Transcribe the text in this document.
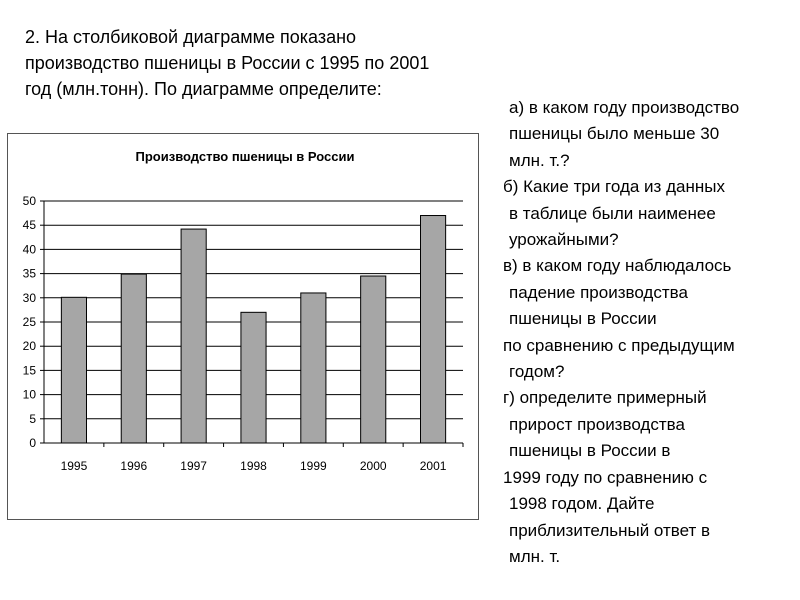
2. На столбиковой диаграмме показано
производство пшеницы в России с 1995 по 2001
год (млн.тонн). По диаграмме определите:
Производство пшеницы в России
0
5
10
15
20
25
30
35
40
45
50
1995	1996	1997	1998	1999	2000	2001

а) в каком году производство
пшеницы было меньше 30
млн. т.?

б) Какие три года из данных
в таблице были наименее
урожайными?

в) в каком году наблюдалось
падение производства
пшеницы в России
по сравнению с предыдущим
годом?

г) определите примерный
прирост производства
пшеницы в России в
1999 году по сравнению с
1998 годом. Дайте
приблизительный ответ в
млн. т.
